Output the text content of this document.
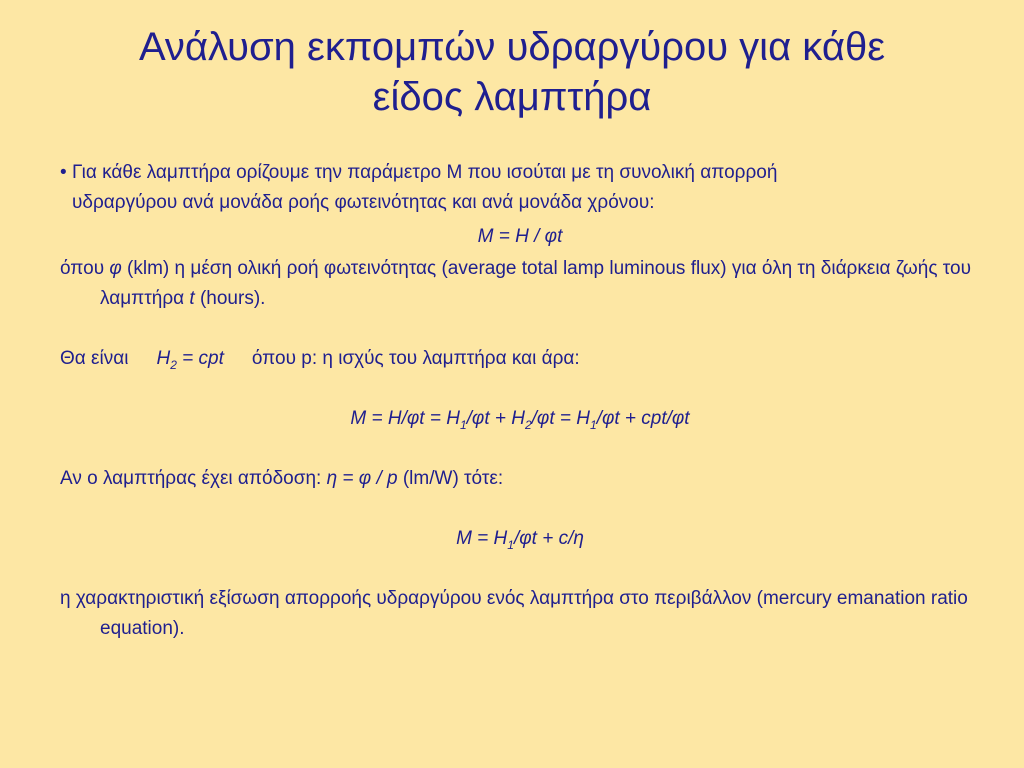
Ανάλυση εκπομπών υδραργύρου για κάθε
είδος λαμπτήρα
• Για κάθε λαμπτήρα ορίζουμε την παράμετρο M που ισούται με τη συνολική απορροή
υδραργύρου ανά μονάδα ροής φωτεινότητας και ανά μονάδα χρόνου:
M = H / φt
όπου φ (klm) η μέση ολική ροή φωτεινότητας (average total lamp luminous flux) για όλη τη διάρκεια ζωής του λαμπτήρα t (hours).
Θα είναι $H_2$ = cpt όπου p: η ισχύς του λαμπτήρα και άρα:
$M = H/\varphi t = H_1/\varphi t + H_2/\varphi t = H_1/\varphi t + cpt/\varphi t$
Αν ο λαμπτήρας έχει απόδοση: η = φ / p (lm/W) τότε:
$M = H_1/\varphi t + c/\eta$
η χαρακτηριστική εξίσωση απορροής υδραργύρου ενός λαμπτήρα στο περιβάλλον (mercury emanation ratio equation).
